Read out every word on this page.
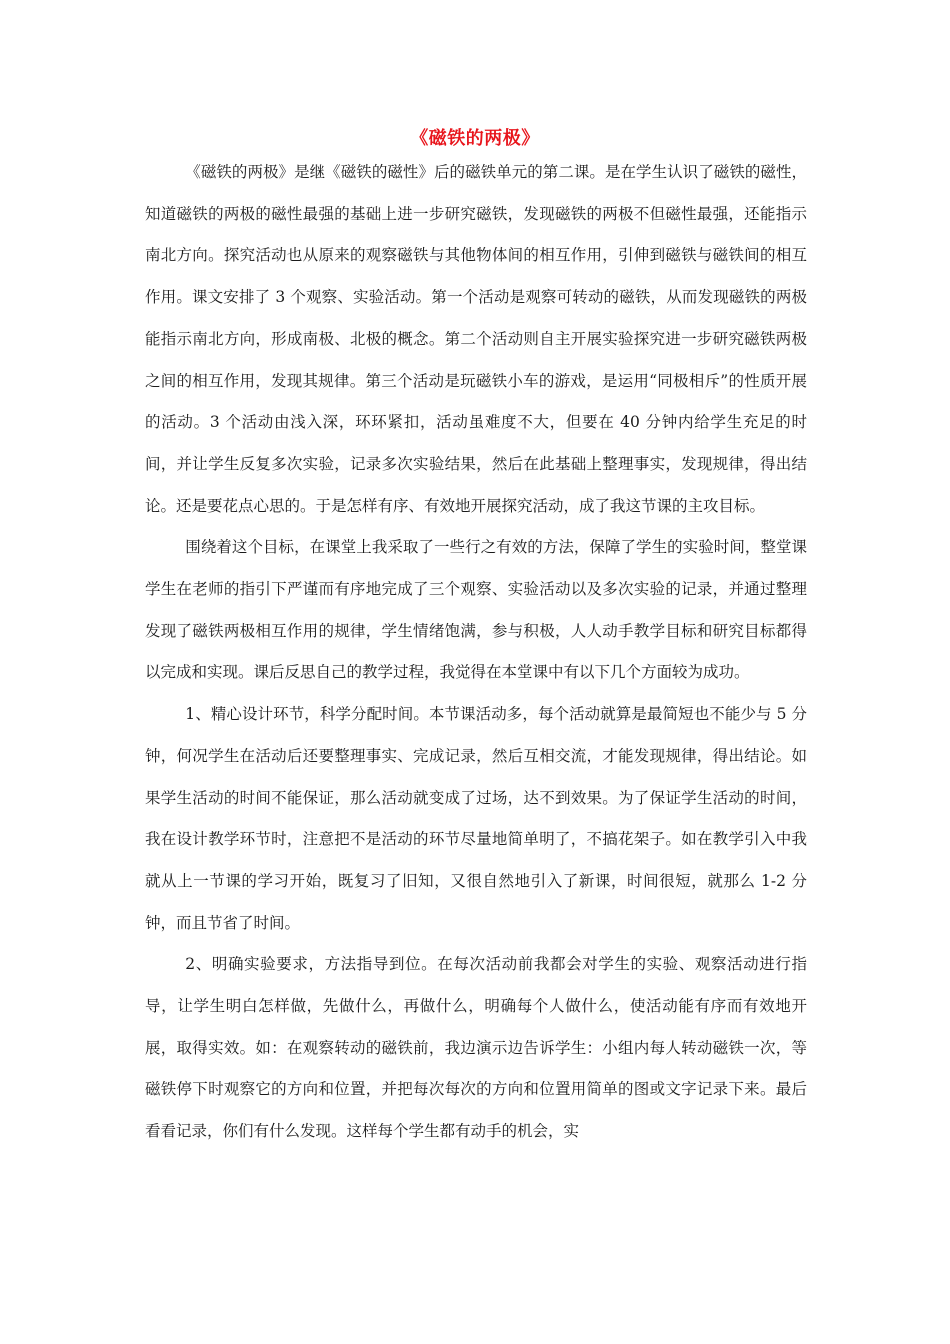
《磁铁的两极》

《磁铁的两极》是继《磁铁的磁性》后的磁铁单元的第二课。是在学生认识了磁铁的磁性，知道磁铁的两极的磁性最强的基础上进一步研究磁铁，发现磁铁的两极不但磁性最强，还能指示南北方向。探究活动也从原来的观察磁铁与其他物体间的相互作用，引伸到磁铁与磁铁间的相互作用。课文安排了 3 个观察、实验活动。第一个活动是观察可转动的磁铁，从而发现磁铁的两极能指示南北方向，形成南极、北极的概念。第二个活动则自主开展实验探究进一步研究磁铁两极之间的相互作用，发现其规律。第三个活动是玩磁铁小车的游戏，是运用“同极相斥”的性质开展的活动。3 个活动由浅入深，环环紧扣，活动虽难度不大，但要在 40 分钟内给学生充足的时间，并让学生反复多次实验，记录多次实验结果，然后在此基础上整理事实，发现规律，得出结论。还是要花点心思的。于是怎样有序、有效地开展探究活动，成了我这节课的主攻目标。

围绕着这个目标，在课堂上我采取了一些行之有效的方法，保障了学生的实验时间，整堂课学生在老师的指引下严谨而有序地完成了三个观察、实验活动以及多次实验的记录，并通过整理发现了磁铁两极相互作用的规律，学生情绪饱满，参与积极，人人动手教学目标和研究目标都得以完成和实现。课后反思自己的教学过程，我觉得在本堂课中有以下几个方面较为成功。

1、精心设计环节，科学分配时间。本节课活动多，每个活动就算是最简短也不能少与 5 分钟，何况学生在活动后还要整理事实、完成记录，然后互相交流，才能发现规律，得出结论。如果学生活动的时间不能保证，那么活动就变成了过场，达不到效果。为了保证学生活动的时间，我在设计教学环节时，注意把不是活动的环节尽量地简单明了，不搞花架子。如在教学引入中我就从上一节课的学习开始，既复习了旧知，又很自然地引入了新课，时间很短，就那么 1-2 分钟，而且节省了时间。

2、明确实验要求，方法指导到位。在每次活动前我都会对学生的实验、观察活动进行指导，让学生明白怎样做，先做什么，再做什么，明确每个人做什么，使活动能有序而有效地开展，取得实效。如：在观察转动的磁铁前，我边演示边告诉学生：小组内每人转动磁铁一次，等磁铁停下时观察它的方向和位置，并把每次每次的方向和位置用简单的图或文字记录下来。最后看看记录，你们有什么发现。这样每个学生都有动手的机会，实
